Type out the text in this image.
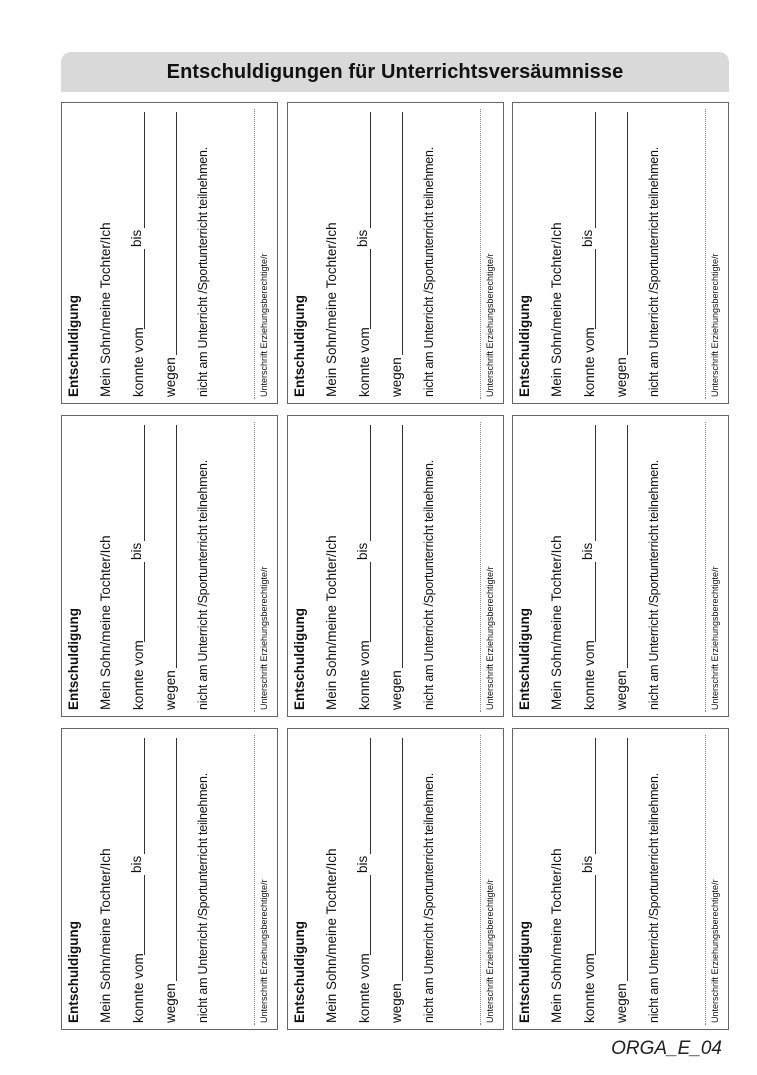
Entschuldigungen für Unterrichtsversäumnisse
Entschuldigung Mein Sohn/meine Tochter/Ich konnte vom
bis
wegen nicht am Unterricht /Sportunterricht teilnehmen.	Unterschrift Erziehungsberechtigte/r Entschuldigung Mein Sohn/meine Tochter/Ich konnte vom
bis
wegen nicht am Unterricht /Sportunterricht teilnehmen.	Unterschrift Erziehungsberechtigte/r Entschuldigung Mein Sohn/meine Tochter/Ich konnte vom
bis
wegen nicht am Unterricht /Sportunterricht teilnehmen.	Unterschrift Erziehungsberechtigte/r
Entschuldigung Mein Sohn/meine Tochter/Ich konnte vom
bis
wegen nicht am Unterricht /Sportunterricht teilnehmen.	Unterschrift Erziehungsberechtigte/r Entschuldigung Mein Sohn/meine Tochter/Ich konnte vom
bis
wegen nicht am Unterricht /Sportunterricht teilnehmen.	Unterschrift Erziehungsberechtigte/r Entschuldigung Mein Sohn/meine Tochter/Ich konnte vom
bis
wegen nicht am Unterricht /Sportunterricht teilnehmen.	Unterschrift Erziehungsberechtigte/r
Entschuldigung Mein Sohn/meine Tochter/Ich konnte vom
bis
wegen nicht am Unterricht /Sportunterricht teilnehmen.	Unterschrift Erziehungsberechtigte/r Entschuldigung Mein Sohn/meine Tochter/Ich konnte vom
bis
wegen nicht am Unterricht /Sportunterricht teilnehmen.	Unterschrift Erziehungsberechtigte/r Entschuldigung Mein Sohn/meine Tochter/Ich konnte vom
bis
wegen nicht am Unterricht /Sportunterricht teilnehmen.	Unterschrift Erziehungsberechtigte/r
ORGA_E_04
